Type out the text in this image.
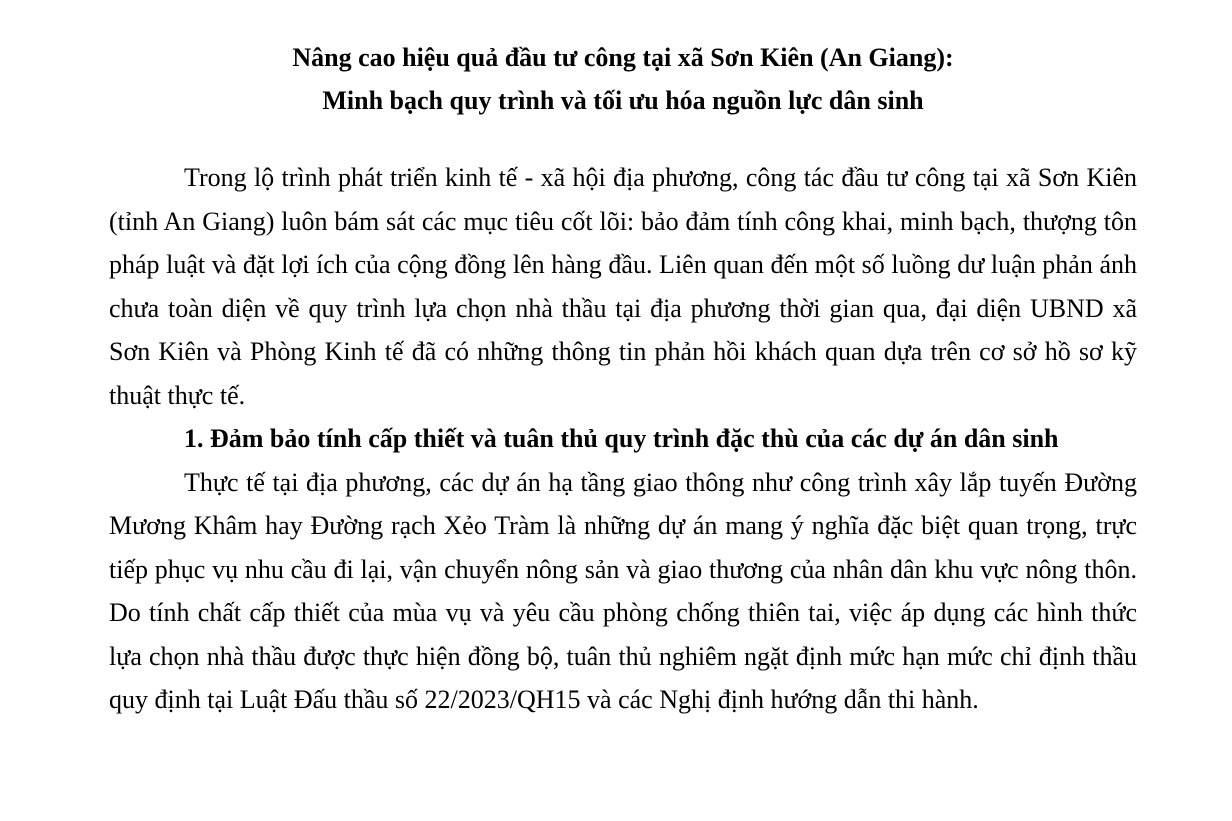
Nâng cao hiệu quả đầu tư công tại xã Sơn Kiên (An Giang):

Minh bạch quy trình và tối ưu hóa nguồn lực dân sinh

Trong lộ trình phát triển kinh tế - xã hội địa phương, công tác đầu tư công tại xã Sơn Kiên (tỉnh An Giang) luôn bám sát các mục tiêu cốt lõi: bảo đảm tính công khai, minh bạch, thượng tôn pháp luật và đặt lợi ích của cộng đồng lên hàng đầu. Liên quan đến một số luồng dư luận phản ánh chưa toàn diện về quy trình lựa chọn nhà thầu tại địa phương thời gian qua, đại diện UBND xã Sơn Kiên và Phòng Kinh tế đã có những thông tin phản hồi khách quan dựa trên cơ sở hồ sơ kỹ thuật thực tế.

1. Đảm bảo tính cấp thiết và tuân thủ quy trình đặc thù của các dự án dân sinh

Thực tế tại địa phương, các dự án hạ tầng giao thông như công trình xây lắp tuyến Đường Mương Khâm hay Đường rạch Xẻo Tràm là những dự án mang ý nghĩa đặc biệt quan trọng, trực tiếp phục vụ nhu cầu đi lại, vận chuyển nông sản và giao thương của nhân dân khu vực nông thôn. Do tính chất cấp thiết của mùa vụ và yêu cầu phòng chống thiên tai, việc áp dụng các hình thức lựa chọn nhà thầu được thực hiện đồng bộ, tuân thủ nghiêm ngặt định mức hạn mức chỉ định thầu quy định tại Luật Đấu thầu số 22/2023/QH15 và các Nghị định hướng dẫn thi hành.
